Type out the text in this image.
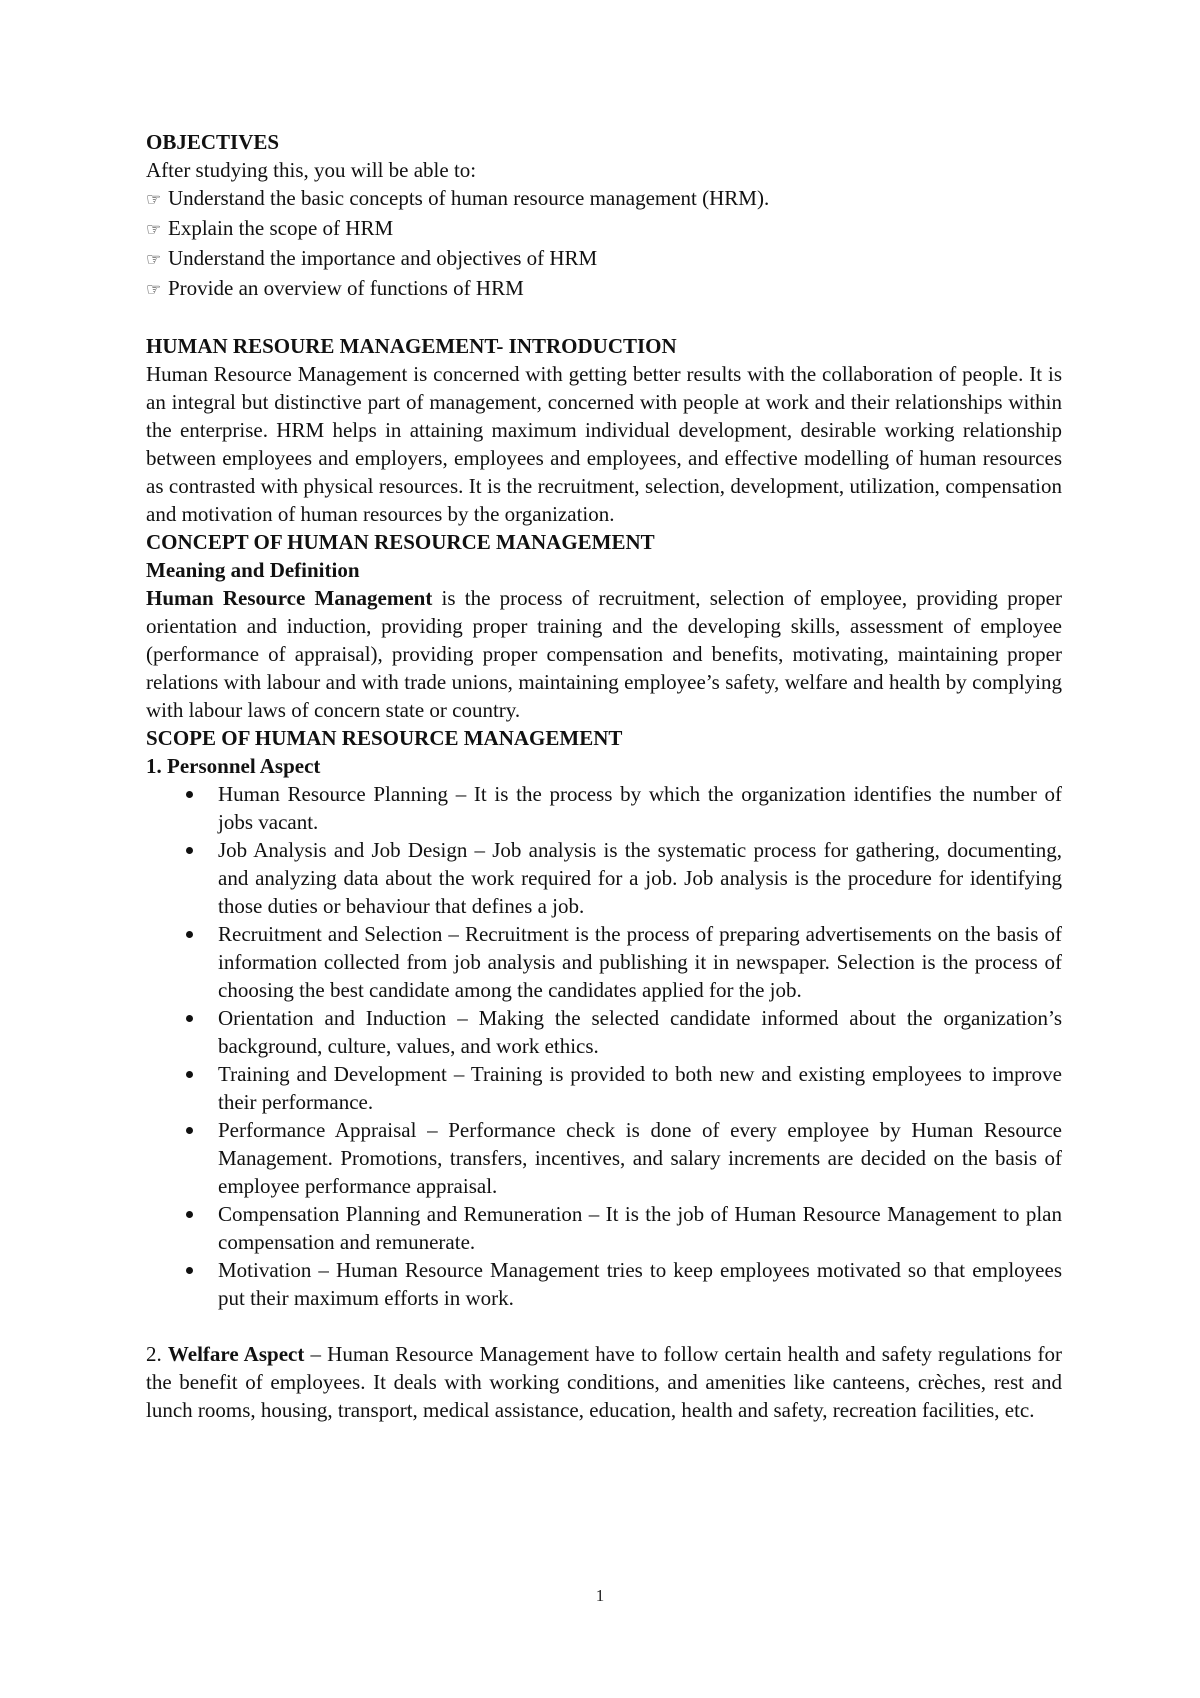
OBJECTIVES

After studying this, you will be able to:

☞ Understand the basic concepts of human resource management (HRM).
☞ Explain the scope of HRM
☞ Understand the importance and objectives of HRM
☞ Provide an overview of functions of HRM

HUMAN RESOURE MANAGEMENT- INTRODUCTION

Human Resource Management is concerned with getting better results with the collaboration of people. It is an integral but distinctive part of management, concerned with people at work and their relationships within the enterprise. HRM helps in attaining maximum individual development, desirable working relationship between employees and employers, employees and employees, and effective modelling of human resources as contrasted with physical resources. It is the recruitment, selection, development, utilization, compensation and motivation of human resources by the organization.

CONCEPT OF HUMAN RESOURCE MANAGEMENT

Meaning and Definition

Human Resource Management is the process of recruitment, selection of employee, providing proper orientation and induction, providing proper training and the developing skills, assessment of employee (performance of appraisal), providing proper compensation and benefits, motivating, maintaining proper relations with labour and with trade unions, maintaining employee’s safety, welfare and health by complying with labour laws of concern state or country.

SCOPE OF HUMAN RESOURCE MANAGEMENT

1. Personnel Aspect

Human Resource Planning – It is the process by which the organization identifies the number of jobs vacant.
Job Analysis and Job Design – Job analysis is the systematic process for gathering, documenting, and analyzing data about the work required for a job. Job analysis is the procedure for identifying those duties or behaviour that defines a job.
Recruitment and Selection – Recruitment is the process of preparing advertisements on the basis of information collected from job analysis and publishing it in newspaper. Selection is the process of choosing the best candidate among the candidates applied for the job.
Orientation and Induction – Making the selected candidate informed about the organization’s background, culture, values, and work ethics.
Training and Development – Training is provided to both new and existing employees to improve their performance.
Performance Appraisal – Performance check is done of every employee by Human Resource Management. Promotions, transfers, incentives, and salary increments are decided on the basis of employee performance appraisal.
Compensation Planning and Remuneration – It is the job of Human Resource Management to plan compensation and remunerate.
Motivation – Human Resource Management tries to keep employees motivated so that employees put their maximum efforts in work.

2. Welfare Aspect – Human Resource Management have to follow certain health and safety regulations for the benefit of employees. It deals with working conditions, and amenities like canteens, crèches, rest and lunch rooms, housing, transport, medical assistance, education, health and safety, recreation facilities, etc.

1
